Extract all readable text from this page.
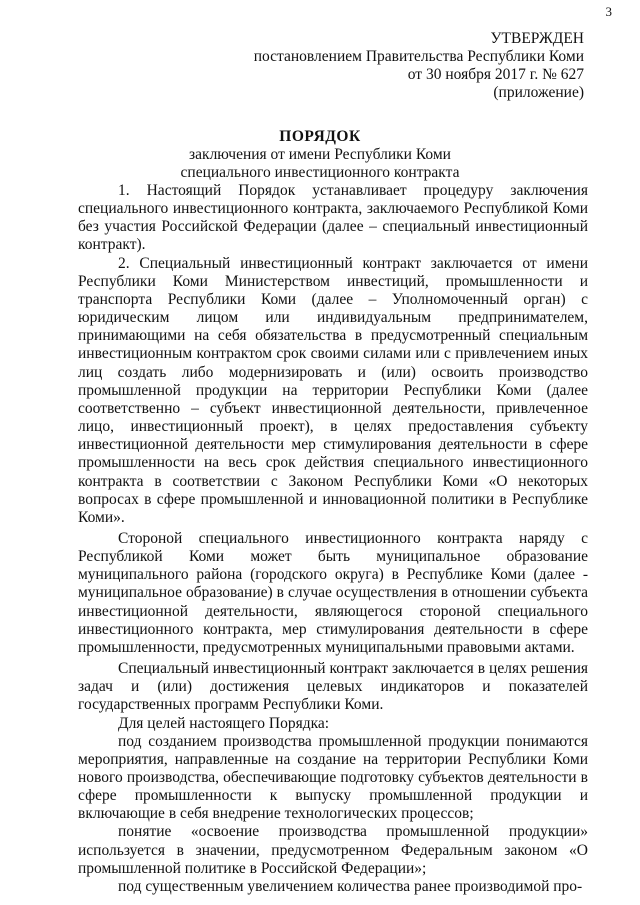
3
УТВЕРЖДЕН
постановлением Правительства Республики Коми
от 30 ноября 2017 г. № 627
(приложение)
ПОРЯДОК
заключения от имени Республики Коми
специального инвестиционного контракта

1. Настоящий Порядок устанавливает процедуру заключения специального инвестиционного контракта, заключаемого Республикой Коми без участия Российской Федерации (далее – специальный инвестиционный контракт).

2. Специальный инвестиционный контракт заключается от имени Республики Коми Министерством инвестиций, промышленности и транспорта Республики Коми (далее – Уполномоченный орган) с юридическим лицом или индивидуальным предпринимателем, принимающими на себя обязательства в предусмотренный специальным инвестиционным контрактом срок своими силами или с привлечением иных лиц создать либо модернизировать и (или) освоить производство промышленной продукции на территории Республики Коми (далее соответственно – субъект инвестиционной деятельности, привлеченное лицо, инвестиционный проект), в целях предоставления субъекту инвестиционной деятельности мер стимулирования деятельности в сфере промышленности на весь срок действия специального инвестиционного контракта в соответствии с Законом Республики Коми «О некоторых вопросах в сфере промышленной и инновационной политики в Республике Коми».

Стороной специального инвестиционного контракта наряду с Республикой Коми может быть муниципальное образование муниципального района (городского округа) в Республике Коми (далее - муниципальное образование) в случае осуществления в отношении субъекта инвестиционной деятельности, являющегося стороной специального инвестиционного контракта, мер стимулирования деятельности в сфере промышленности, предусмотренных муниципальными правовыми актами.

Специальный инвестиционный контракт заключается в целях решения задач и (или) достижения целевых индикаторов и показателей государственных программ Республики Коми.

Для целей настоящего Порядка:

под созданием производства промышленной продукции понимаются мероприятия, направленные на создание на территории Республики Коми нового производства, обеспечивающие подготовку субъектов деятельности в сфере промышленности к выпуску промышленной продукции и включающие в себя внедрение технологических процессов;

понятие «освоение производства промышленной продукции» используется в значении, предусмотренном Федеральным законом «О промышленной политике в Российской Федерации»;

под существенным увеличением количества ранее производимой про-
